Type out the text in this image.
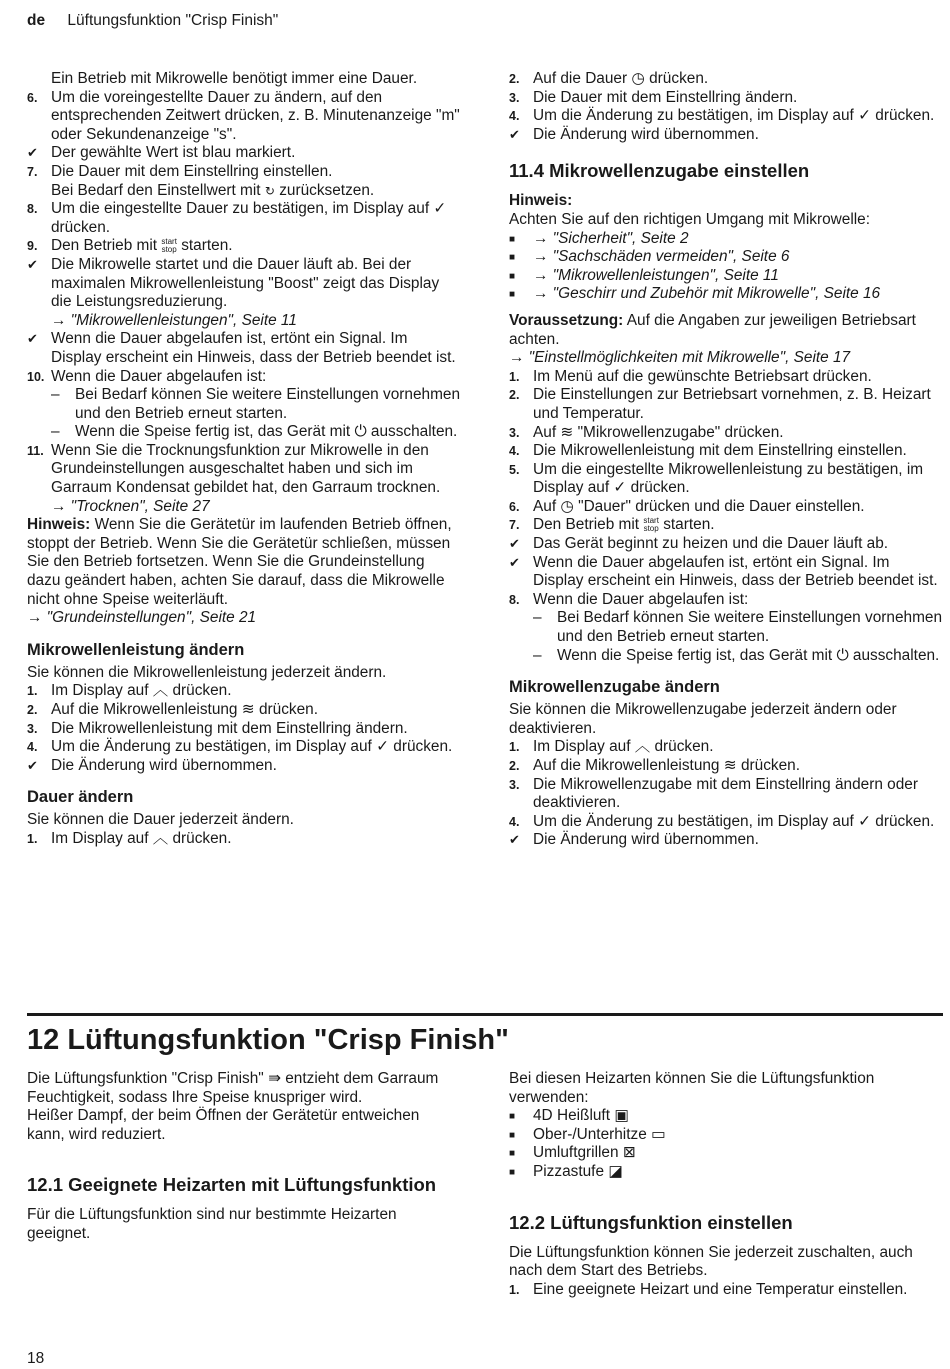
de Lüftungsfunktion "Crisp Finish"

Ein Betrieb mit Mikrowelle benötigt immer eine Dauer.

6. Um die voreingestellte Dauer zu ändern, auf den entsprechenden Zeitwert drücken, z. B. Minutenanzeige "m" oder Sekundenanzeige "s".
✔ Der gewählte Wert ist blau markiert.
7. Die Dauer mit dem Einstellring einstellen.
Bei Bedarf den Einstellwert mit ↻ zurücksetzen.
8. Um die eingestellte Dauer zu bestätigen, im Display auf ✓ drücken.
9. Den Betrieb mit start
stop starten.
✔ Die Mikrowelle startet und die Dauer läuft ab. Bei der maximalen Mikrowellenleistung "Boost" zeigt das Display die Leistungsreduzierung.
→ "Mikrowellenleistungen", Seite 11
✔ Wenn die Dauer abgelaufen ist, ertönt ein Signal. Im Display erscheint ein Hinweis, dass der Betrieb beendet ist.
10. Wenn die Dauer abgelaufen ist:
– Bei Bedarf können Sie weitere Einstellungen vornehmen und den Betrieb erneut starten.
– Wenn die Speise fertig ist, das Gerät mit ⏻ ausschalten.
11. Wenn Sie die Trocknungsfunktion zur Mikrowelle in den Grundeinstellungen ausgeschaltet haben und sich im Garraum Kondensat gebildet hat, den Garraum trocknen.
→ "Trocknen", Seite 27

Hinweis: Wenn Sie die Gerätetür im laufenden Betrieb öffnen, stoppt der Betrieb. Wenn Sie die Gerätetür schließen, müssen Sie den Betrieb fortsetzen. Wenn Sie die Grundeinstellung dazu geändert haben, achten Sie darauf, dass die Mikrowelle nicht ohne Speise weiterläuft.
→ "Grundeinstellungen", Seite 21

Mikrowellenleistung ändern

Sie können die Mikrowellenleistung jederzeit ändern.

1. Im Display auf ︿ drücken.
2. Auf die Mikrowellenleistung ≋ drücken.
3. Die Mikrowellenleistung mit dem Einstellring ändern.
4. Um die Änderung zu bestätigen, im Display auf ✓ drücken.
✔ Die Änderung wird übernommen.
Dauer ändern

Sie können die Dauer jederzeit ändern.

1. Im Display auf ︿ drücken.
2. Auf die Dauer ◷ drücken.
3. Die Dauer mit dem Einstellring ändern.
4. Um die Änderung zu bestätigen, im Display auf ✓ drücken.
✔ Die Änderung wird übernommen.
11.4 Mikrowellenzugabe einstellen

Hinweis:

Achten Sie auf den richtigen Umgang mit Mikrowelle:

■	→ "Sicherheit", Seite 2
■	→ "Sachschäden vermeiden", Seite 6
■	→ "Mikrowellenleistungen", Seite 11
■	→ "Geschirr und Zubehör mit Mikrowelle", Seite 16

Voraussetzung: Auf die Angaben zur jeweiligen Betriebsart achten.
→ "Einstellmöglichkeiten mit Mikrowelle", Seite 17

1. Im Menü auf die gewünschte Betriebsart drücken.
2. Die Einstellungen zur Betriebsart vornehmen, z. B. Heizart und Temperatur.
3. Auf ≋ "Mikrowellenzugabe" drücken.
4. Die Mikrowellenleistung mit dem Einstellring einstellen.
5. Um die eingestellte Mikrowellenleistung zu bestätigen, im Display auf ✓ drücken.
6. Auf ◷ "Dauer" drücken und die Dauer einstellen.
7. Den Betrieb mit start
stop starten.
✔ Das Gerät beginnt zu heizen und die Dauer läuft ab.
✔ Wenn die Dauer abgelaufen ist, ertönt ein Signal. Im Display erscheint ein Hinweis, dass der Betrieb beendet ist.
8. Wenn die Dauer abgelaufen ist:
– Bei Bedarf können Sie weitere Einstellungen vornehmen und den Betrieb erneut starten.
– Wenn die Speise fertig ist, das Gerät mit ⏻ ausschalten.
Mikrowellenzugabe ändern

Sie können die Mikrowellenzugabe jederzeit ändern oder deaktivieren.

1. Im Display auf ︿ drücken.
2. Auf die Mikrowellenleistung ≋ drücken.
3. Die Mikrowellenzugabe mit dem Einstellring ändern oder deaktivieren.
4. Um die Änderung zu bestätigen, im Display auf ✓ drücken.
✔ Die Änderung wird übernommen.
12 Lüftungsfunktion "Crisp Finish"

Die Lüftungsfunktion "Crisp Finish" ⇛ entzieht dem Garraum Feuchtigkeit, sodass Ihre Speise knuspriger wird.

Heißer Dampf, der beim Öffnen der Gerätetür entweichen kann, wird reduziert.

12.1 Geeignete Heizarten mit Lüftungsfunktion

Für die Lüftungsfunktion sind nur bestimmte Heizarten geeignet.

Bei diesen Heizarten können Sie die Lüftungsfunktion verwenden:

■	4D Heißluft ▣
■	Ober-/Unterhitze ▭
■	Umluftgrillen ⊠
■	Pizzastufe ◪
12.2 Lüftungsfunktion einstellen

Die Lüftungsfunktion können Sie jederzeit zuschalten, auch nach dem Start des Betriebs.

1. Eine geeignete Heizart und eine Temperatur einstellen.
18
